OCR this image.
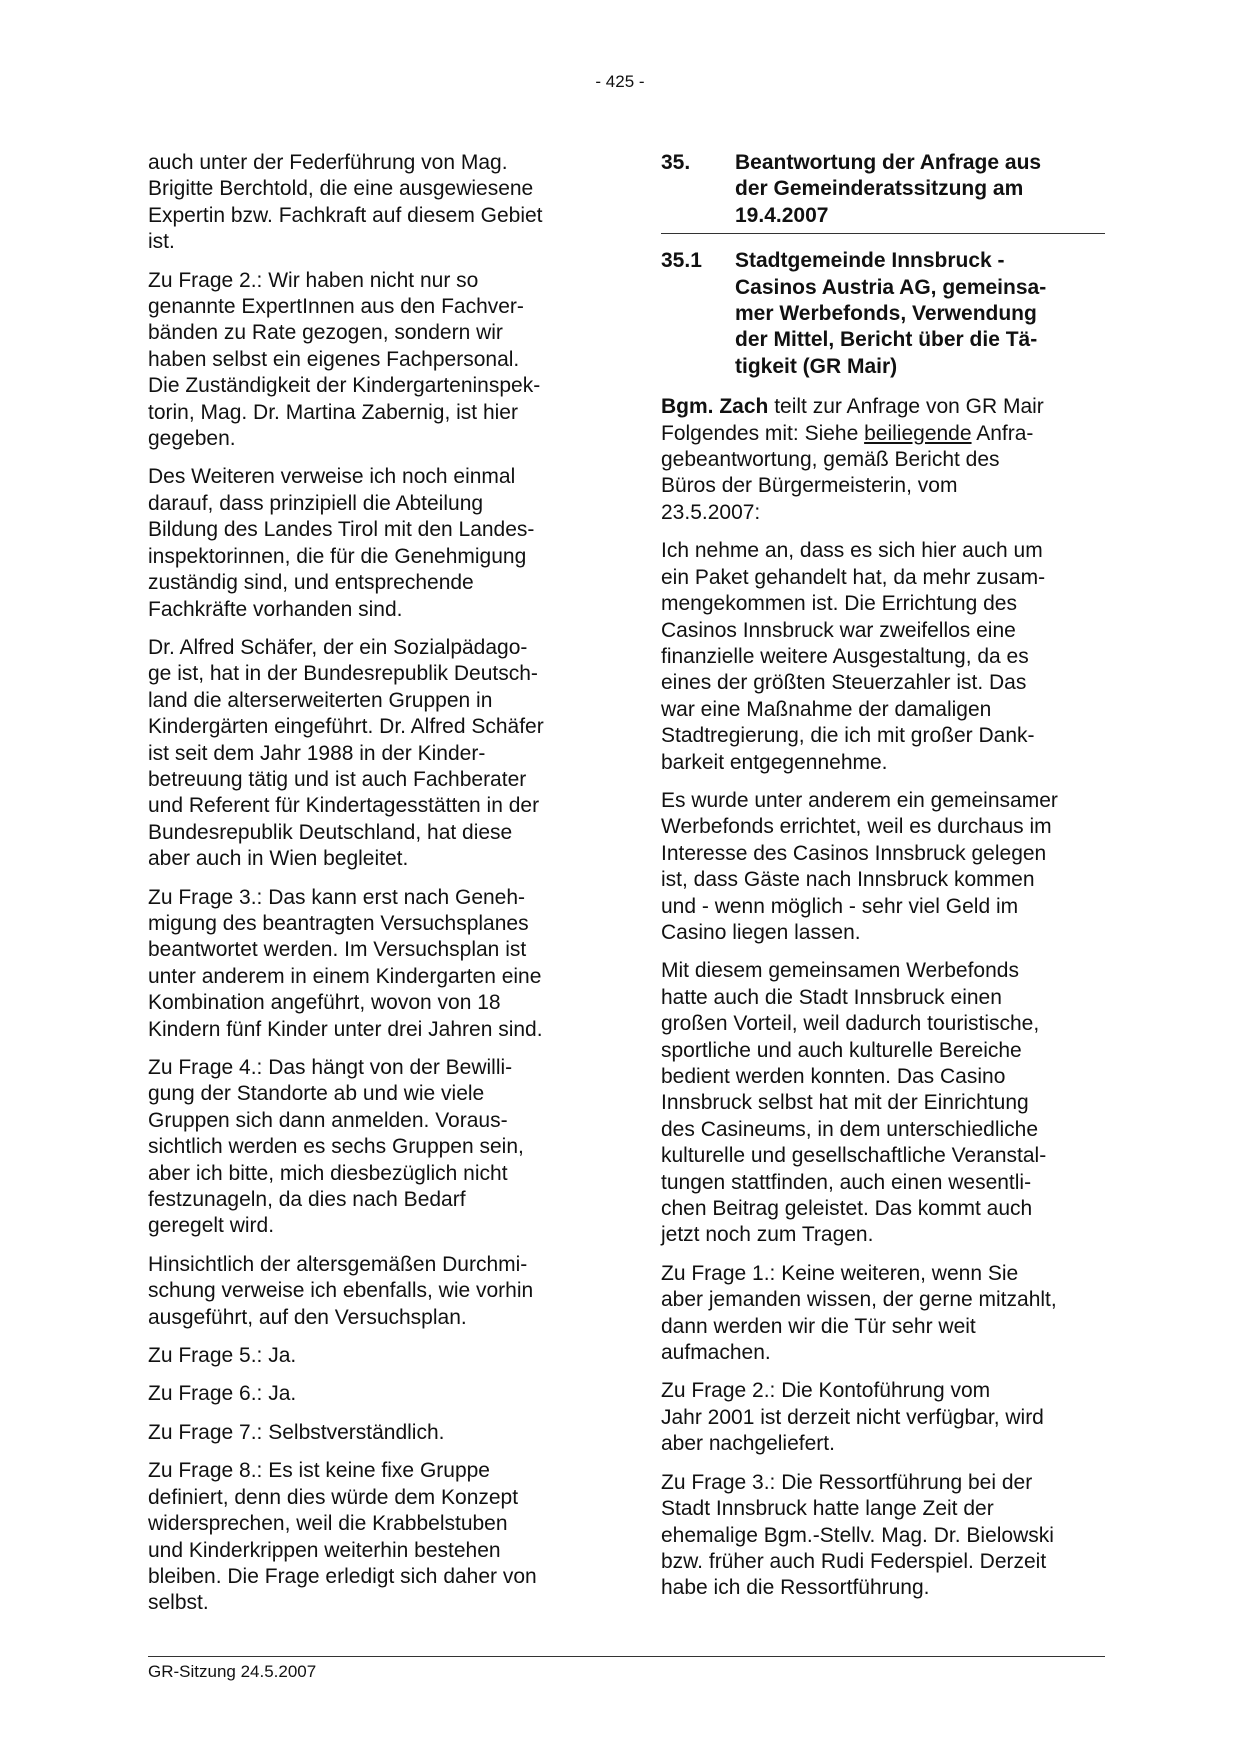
- 425 -

auch unter der Federführung von Mag.
Brigitte Berchtold, die eine ausgewiesene
Expertin bzw. Fachkraft auf diesem Gebiet
ist.

Zu Frage 2.: Wir haben nicht nur so
genannte ExpertInnen aus den Fachver-
bänden zu Rate gezogen, sondern wir
haben selbst ein eigenes Fachpersonal.
Die Zuständigkeit der Kindergarteninspek-
torin, Mag. Dr. Martina Zabernig, ist hier
gegeben.

Des Weiteren verweise ich noch einmal
darauf, dass prinzipiell die Abteilung
Bildung des Landes Tirol mit den Landes-
inspektorinnen, die für die Genehmigung
zuständig sind, und entsprechende
Fachkräfte vorhanden sind.

Dr. Alfred Schäfer, der ein Sozialpädago-
ge ist, hat in der Bundesrepublik Deutsch-
land die alterserweiterten Gruppen in
Kindergärten eingeführt. Dr. Alfred Schäfer
ist seit dem Jahr 1988 in der Kinder-
betreuung tätig und ist auch Fachberater
und Referent für Kindertagesstätten in der
Bundesrepublik Deutschland, hat diese
aber auch in Wien begleitet.

Zu Frage 3.: Das kann erst nach Geneh-
migung des beantragten Versuchsplanes
beantwortet werden. Im Versuchsplan ist
unter anderem in einem Kindergarten eine
Kombination angeführt, wovon von 18
Kindern fünf Kinder unter drei Jahren sind.

Zu Frage 4.: Das hängt von der Bewilli-
gung der Standorte ab und wie viele
Gruppen sich dann anmelden. Voraus-
sichtlich werden es sechs Gruppen sein,
aber ich bitte, mich diesbezüglich nicht
festzunageln, da dies nach Bedarf
geregelt wird.

Hinsichtlich der altersgemäßen Durchmi-
schung verweise ich ebenfalls, wie vorhin
ausgeführt, auf den Versuchsplan.

Zu Frage 5.: Ja.

Zu Frage 6.: Ja.

Zu Frage 7.: Selbstverständlich.

Zu Frage 8.: Es ist keine fixe Gruppe
definiert, denn dies würde dem Konzept
widersprechen, weil die Krabbelstuben
und Kinderkrippen weiterhin bestehen
bleiben. Die Frage erledigt sich daher von
selbst.

35.	Beantwortung der Anfrage aus
der Gemeinderatssitzung am
19.4.2007
35.1	Stadtgemeinde Innsbruck -
Casinos Austria AG, gemeinsa-
mer Werbefonds, Verwendung
der Mittel, Bericht über die Tä-
tigkeit (GR Mair)

Bgm. Zach teilt zur Anfrage von GR Mair
Folgendes mit: Siehe beiliegende Anfra-
gebeantwortung, gemäß Bericht des
Büros der Bürgermeisterin, vom
23.5.2007:

Ich nehme an, dass es sich hier auch um
ein Paket gehandelt hat, da mehr zusam-
mengekommen ist. Die Errichtung des
Casinos Innsbruck war zweifellos eine
finanzielle weitere Ausgestaltung, da es
eines der größten Steuerzahler ist. Das
war eine Maßnahme der damaligen
Stadtregierung, die ich mit großer Dank-
barkeit entgegennehme.

Es wurde unter anderem ein gemeinsamer
Werbefonds errichtet, weil es durchaus im
Interesse des Casinos Innsbruck gelegen
ist, dass Gäste nach Innsbruck kommen
und - wenn möglich - sehr viel Geld im
Casino liegen lassen.

Mit diesem gemeinsamen Werbefonds
hatte auch die Stadt Innsbruck einen
großen Vorteil, weil dadurch touristische,
sportliche und auch kulturelle Bereiche
bedient werden konnten. Das Casino
Innsbruck selbst hat mit der Einrichtung
des Casineums, in dem unterschiedliche
kulturelle und gesellschaftliche Veranstal-
tungen stattfinden, auch einen wesentli-
chen Beitrag geleistet. Das kommt auch
jetzt noch zum Tragen.

Zu Frage 1.: Keine weiteren, wenn Sie
aber jemanden wissen, der gerne mitzahlt,
dann werden wir die Tür sehr weit
aufmachen.

Zu Frage 2.: Die Kontoführung vom
Jahr 2001 ist derzeit nicht verfügbar, wird
aber nachgeliefert.

Zu Frage 3.: Die Ressortführung bei der
Stadt Innsbruck hatte lange Zeit der
ehemalige Bgm.-Stellv. Mag. Dr. Bielowski
bzw. früher auch Rudi Federspiel. Derzeit
habe ich die Ressortführung.

GR-Sitzung 24.5.2007
